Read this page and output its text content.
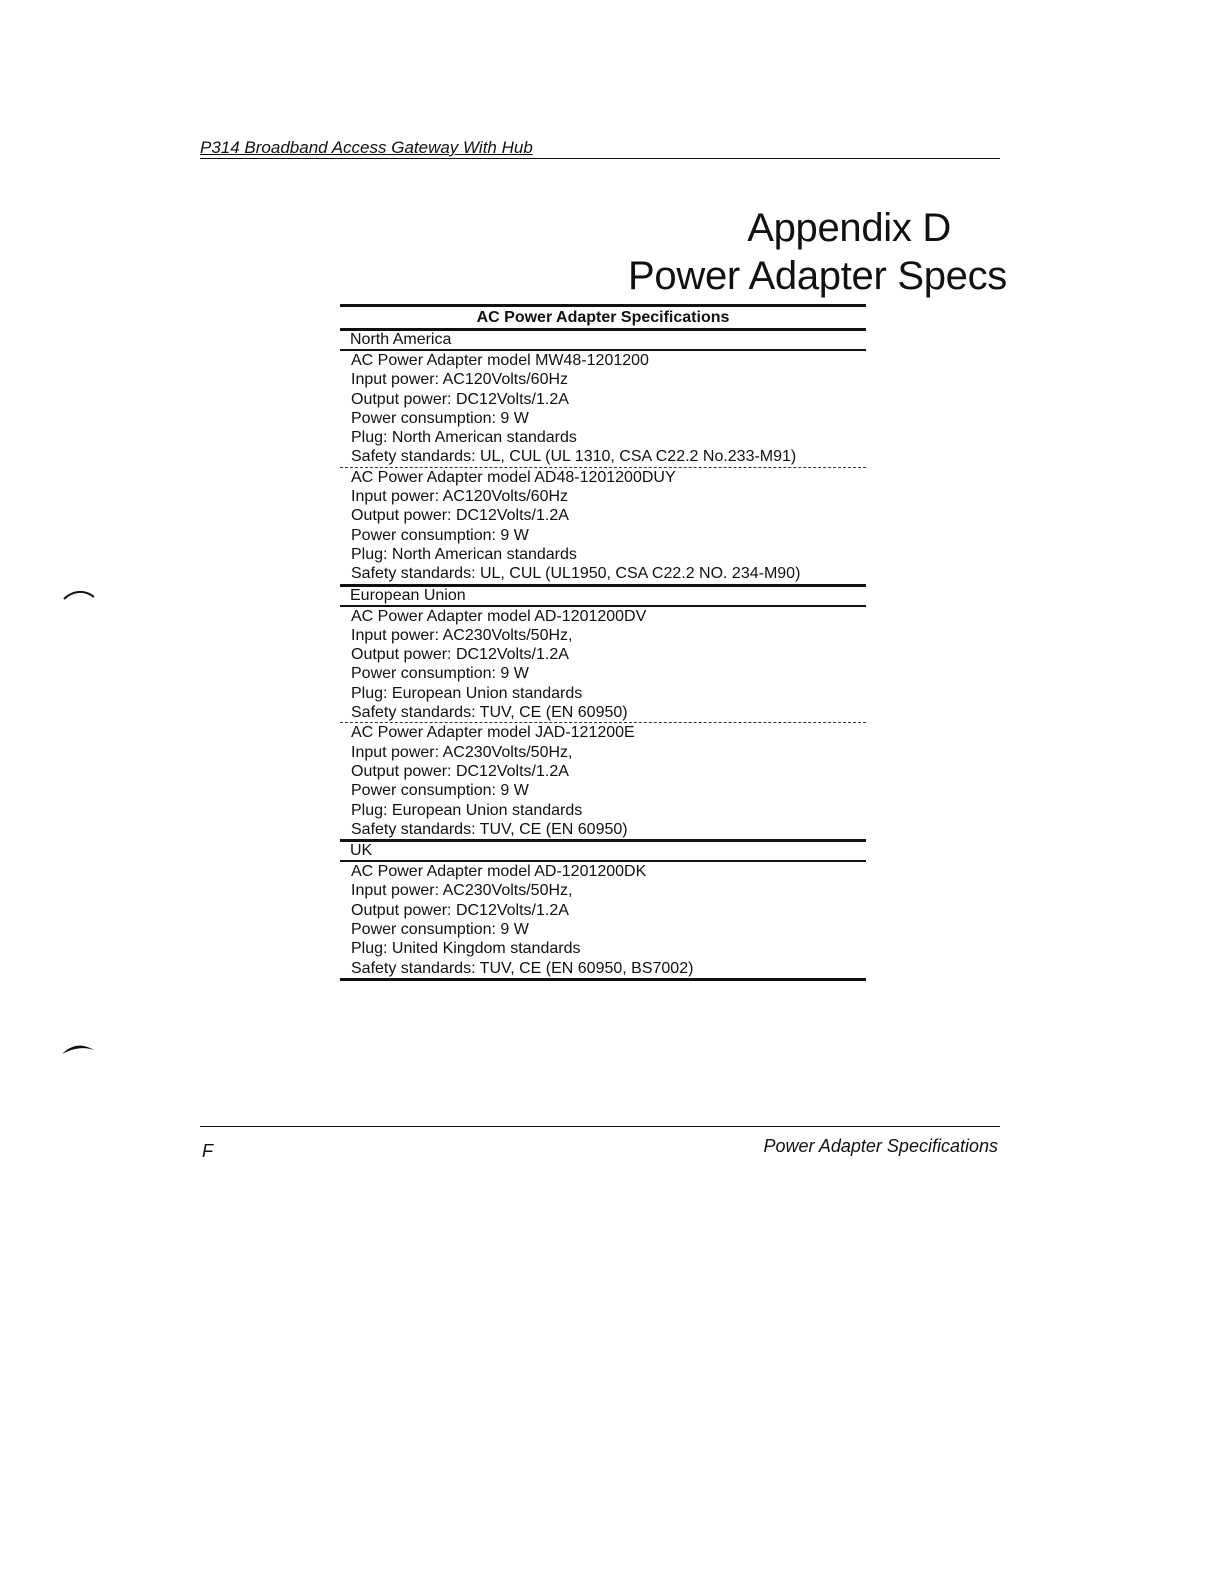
P314 Broadband Access Gateway With Hub
Appendix D
Power Adapter Specs
AC Power Adapter Specifications
North America
AC Power Adapter model MW48-1201200
Input power: AC120Volts/60Hz
Output power: DC12Volts/1.2A
Power consumption: 9 W
Plug: North American standards
Safety standards: UL, CUL (UL 1310, CSA C22.2 No.233-M91)
AC Power Adapter model AD48-1201200DUY
Input power: AC120Volts/60Hz
Output power: DC12Volts/1.2A
Power consumption: 9 W
Plug: North American standards
Safety standards: UL, CUL (UL1950, CSA C22.2 NO. 234-M90)
European Union
AC Power Adapter model AD-1201200DV
Input power: AC230Volts/50Hz,
Output power: DC12Volts/1.2A
Power consumption: 9 W
Plug: European Union standards
Safety standards: TUV, CE (EN 60950)
AC Power Adapter model JAD-121200E
Input power: AC230Volts/50Hz,
Output power: DC12Volts/1.2A
Power consumption: 9 W
Plug: European Union standards
Safety standards: TUV, CE (EN 60950)
UK
AC Power Adapter model AD-1201200DK
Input power: AC230Volts/50Hz,
Output power: DC12Volts/1.2A
Power consumption: 9 W
Plug: United Kingdom standards
Safety standards: TUV, CE (EN 60950, BS7002)
F	Power Adapter Specifications
